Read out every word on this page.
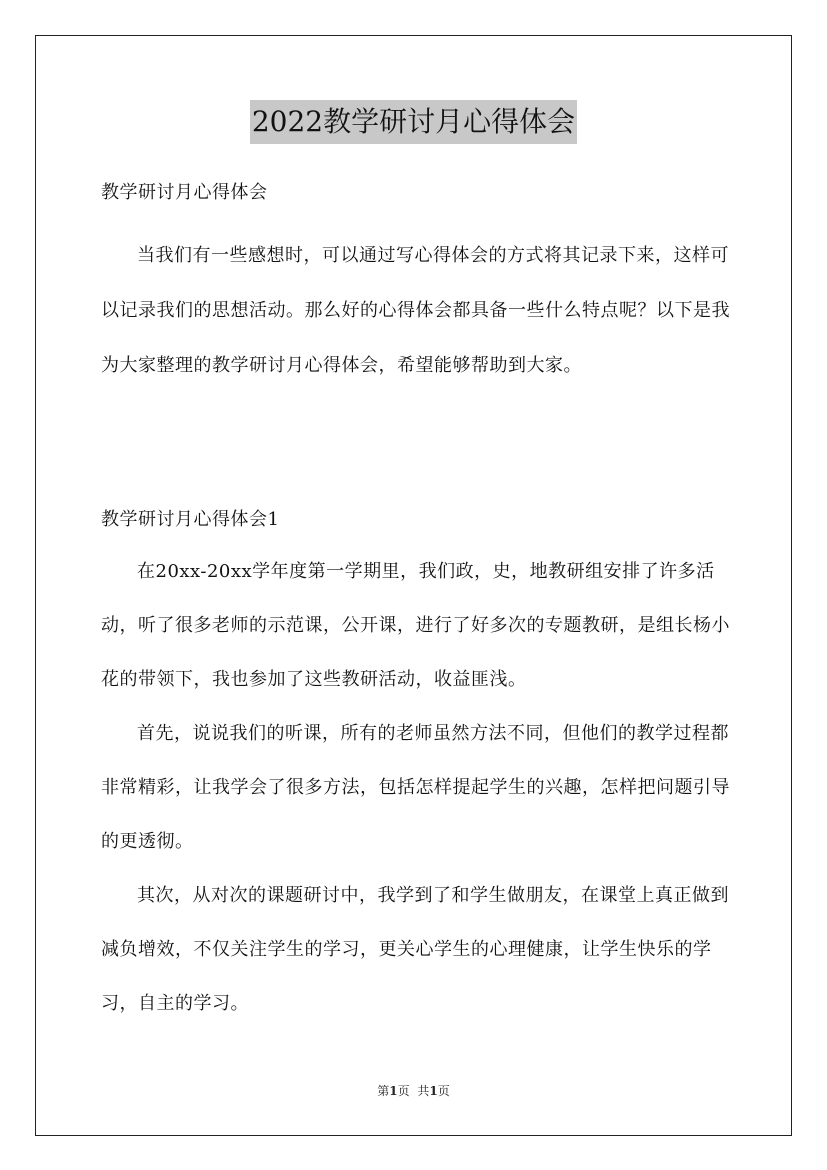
2022教学研讨月心得体会
教学研讨月心得体会

当我们有一些感想时，可以通过写心得体会的方式将其记录下来，这样可以记录我们的思想活动。那么好的心得体会都具备一些什么特点呢？以下是我为大家整理的教学研讨月心得体会，希望能够帮助到大家。

教学研讨月心得体会1

在20xx-20xx学年度第一学期里，我们政，史，地教研组安排了许多活动，听了很多老师的示范课，公开课，进行了好多次的专题教研，是组长杨小花的带领下，我也参加了这些教研活动，收益匪浅。

首先，说说我们的听课，所有的老师虽然方法不同，但他们的教学过程都非常精彩，让我学会了很多方法，包括怎样提起学生的兴趣，怎样把问题引导的更透彻。

其次，从对次的课题研讨中，我学到了和学生做朋友，在课堂上真正做到减负增效，不仅关注学生的学习，更关心学生的心理健康，让学生快乐的学习，自主的学习。

第1页 共1页
